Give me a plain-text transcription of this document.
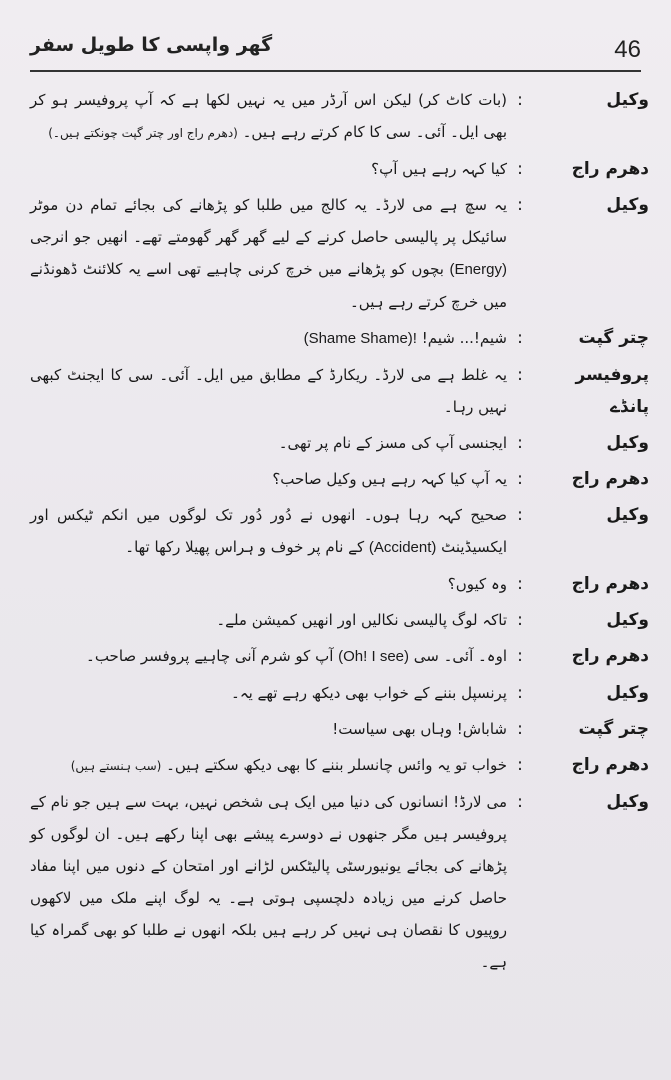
گھر واپسی کا طویل سفر	46
وکیل
:
(بات کاٹ کر) لیکن اس آرڈر میں یہ نہیں لکھا ہے کہ آپ پروفیسر ہو کر بھی ایل۔ آئی۔ سی کا کام کرتے رہے ہیں۔ (دھرم راج اور چتر گپت چونکتے ہیں۔)
دھرم راج
:
کیا کہہ رہے ہیں آپ؟
وکیل
:
یہ سچ ہے می لارڈ۔ یہ کالج میں طلبا کو پڑھانے کی بجائے تمام دن موٹر سائیکل پر پالیسی حاصل کرنے کے لیے گھر گھر گھومتے تھے۔ انھیں جو انرجی (Energy) بچوں کو پڑھانے میں خرچ کرنی چاہیے تھی اسے یہ کلائنٹ ڈھونڈنے میں خرچ کرتے رہے ہیں۔
چتر گپت
:
شیم!... شیم! (Shame Shame)!
پروفیسر پانڈے
:
یہ غلط ہے می لارڈ۔ ریکارڈ کے مطابق میں ایل۔ آئی۔ سی کا ایجنٹ کبھی نہیں رہا۔
وکیل
:
ایجنسی آپ کی مسز کے نام پر تھی۔
دھرم راج
:
یہ آپ کیا کہہ رہے ہیں وکیل صاحب؟
وکیل
:
صحیح کہہ رہا ہوں۔ انھوں نے دُور دُور تک لوگوں میں انکم ٹیکس اور ایکسیڈینٹ (Accident) کے نام پر خوف و ہراس پھیلا رکھا تھا۔
دھرم راج
:
وہ کیوں؟
وکیل
:
تاکہ لوگ پالیسی نکالیں اور انھیں کمیشن ملے۔
دھرم راج
:
اوہ۔ آئی۔ سی (Oh! I see) آپ کو شرم آنی چاہیے پروفسر صاحب۔
وکیل
:
پرنسپل بننے کے خواب بھی دیکھ رہے تھے یہ۔
چتر گپت
:
شاباش! وہاں بھی سیاست!
دھرم راج
:
خواب تو یہ وائس چانسلر بننے کا بھی دیکھ سکتے ہیں۔ (سب ہنستے ہیں)
وکیل
:
می لارڈ! انسانوں کی دنیا میں ایک ہی شخص نہیں، بہت سے ہیں جو نام کے پروفیسر ہیں مگر جنھوں نے دوسرے پیشے بھی اپنا رکھے ہیں۔ ان لوگوں کو پڑھانے کی بجائے یونیورسٹی پالیٹکس لڑانے اور امتحان کے دنوں میں اپنا مفاد حاصل کرنے میں زیادہ دلچسپی ہوتی ہے۔ یہ لوگ اپنے ملک میں لاکھوں روپیوں کا نقصان ہی نہیں کر رہے ہیں بلکہ انھوں نے طلبا کو بھی گمراہ کیا ہے۔
